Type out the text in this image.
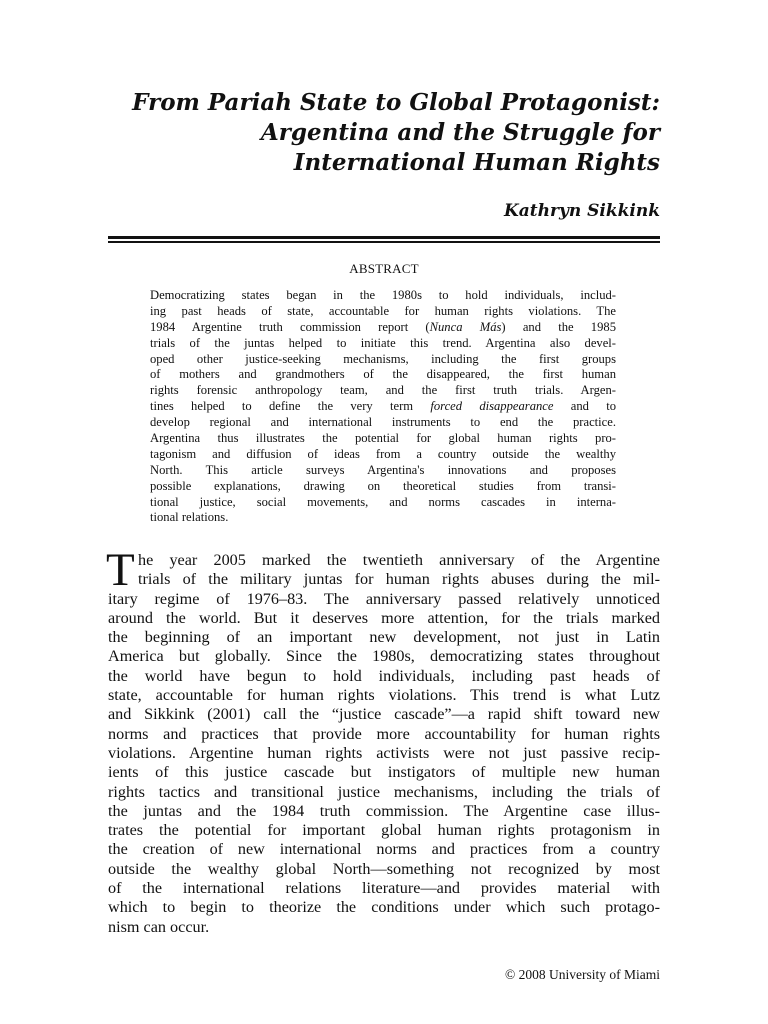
From Pariah State to Global Protagonist:
Argentina and the Struggle for
International Human Rights

Kathryn Sikkink

ABSTRACT

Democratizing states began in the 1980s to hold individuals, includ-
ing past heads of state, accountable for human rights violations. The
1984 Argentine truth commission report (Nunca Más) and the 1985
trials of the juntas helped to initiate this trend. Argentina also devel-
oped other justice-seeking mechanisms, including the first groups
of mothers and grandmothers of the disappeared, the first human
rights forensic anthropology team, and the first truth trials. Argen-
tines helped to define the very term forced disappearance and to
develop regional and international instruments to end the practice.
Argentina thus illustrates the potential for global human rights pro-
tagonism and diffusion of ideas from a country outside the wealthy
North. This article surveys Argentina's innovations and proposes
possible explanations, drawing on theoretical studies from transi-
tional justice, social movements, and norms cascades in interna-
tional relations.
T he year 2005 marked the twentieth anniversary of the Argentine
trials of the military juntas for human rights abuses during the mil-
itary regime of 1976–83. The anniversary passed relatively unnoticed
around the world. But it deserves more attention, for the trials marked
the beginning of an important new development, not just in Latin
America but globally. Since the 1980s, democratizing states throughout
the world have begun to hold individuals, including past heads of
state, accountable for human rights violations. This trend is what Lutz
and Sikkink (2001) call the “justice cascade”—a rapid shift toward new
norms and practices that provide more accountability for human rights
violations. Argentine human rights activists were not just passive recip-
ients of this justice cascade but instigators of multiple new human
rights tactics and transitional justice mechanisms, including the trials of
the juntas and the 1984 truth commission. The Argentine case illus-
trates the potential for important global human rights protagonism in
the creation of new international norms and practices from a country
outside the wealthy global North—something not recognized by most
of the international relations literature—and provides material with
which to begin to theorize the conditions under which such protago-
nism can occur.

© 2008 University of Miami
